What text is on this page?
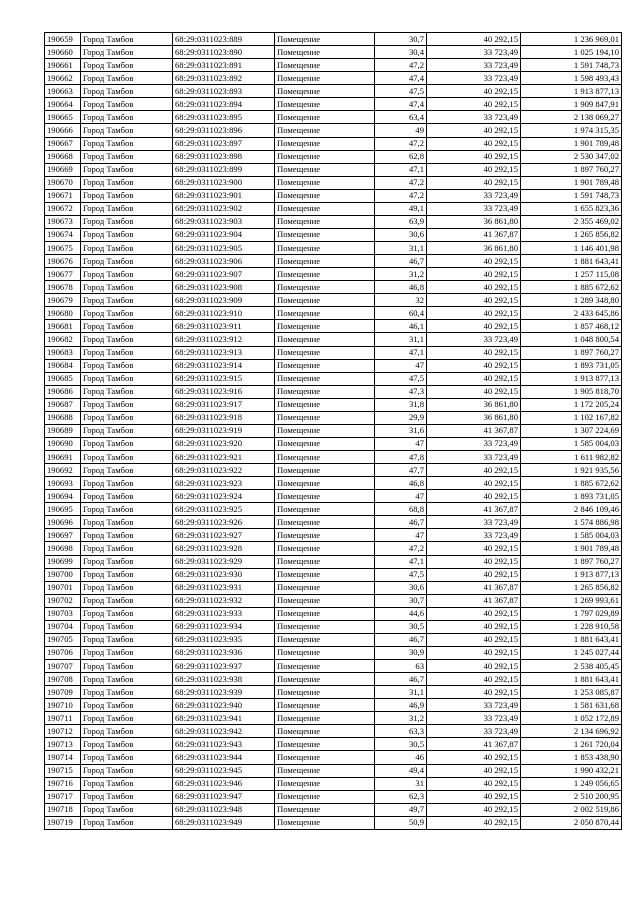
190659	Город Тамбов	68:29:0311023:889	Помещение	30,7	40 292,15	1 236 969,01
190660	Город Тамбов	68:29:0311023:890	Помещение	30,4	33 723,49	1 025 194,10
190661	Город Тамбов	68:29:0311023:891	Помещение	47,2	33 723,49	1 591 748,73
190662	Город Тамбов	68:29:0311023:892	Помещение	47,4	33 723,49	1 598 493,43
190663	Город Тамбов	68:29:0311023:893	Помещение	47,5	40 292,15	1 913 877,13
190664	Город Тамбов	68:29:0311023:894	Помещение	47,4	40 292,15	1 909 847,91
190665	Город Тамбов	68:29:0311023:895	Помещение	63,4	33 723,49	2 138 069,27
190666	Город Тамбов	68:29:0311023:896	Помещение	49	40 292,15	1 974 315,35
190667	Город Тамбов	68:29:0311023:897	Помещение	47,2	40 292,15	1 901 789,48
190668	Город Тамбов	68:29:0311023:898	Помещение	62,8	40 292,15	2 530 347,02
190669	Город Тамбов	68:29:0311023:899	Помещение	47,1	40 292,15	1 897 760,27
190670	Город Тамбов	68:29:0311023:900	Помещение	47,2	40 292,15	1 901 789,48
190671	Город Тамбов	68:29:0311023:901	Помещение	47,2	33 723,49	1 591 748,73
190672	Город Тамбов	68:29:0311023:902	Помещение	49,1	33 723,49	1 655 823,36
190673	Город Тамбов	68:29:0311023:903	Помещение	63,9	36 861,80	2 355 469,02
190674	Город Тамбов	68:29:0311023:904	Помещение	30,6	41 367,87	1 265 856,82
190675	Город Тамбов	68:29:0311023:905	Помещение	31,1	36 861,80	1 146 401,98
190676	Город Тамбов	68:29:0311023:906	Помещение	46,7	40 292,15	1 881 643,41
190677	Город Тамбов	68:29:0311023:907	Помещение	31,2	40 292,15	1 257 115,08
190678	Город Тамбов	68:29:0311023:908	Помещение	46,8	40 292,15	1 885 672,62
190679	Город Тамбов	68:29:0311023:909	Помещение	32	40 292,15	1 289 348,80
190680	Город Тамбов	68:29:0311023:910	Помещение	60,4	40 292,15	2 433 645,86
190681	Город Тамбов	68:29:0311023:911	Помещение	46,1	40 292,15	1 857 468,12
190682	Город Тамбов	68:29:0311023:912	Помещение	31,1	33 723,49	1 048 800,54
190683	Город Тамбов	68:29:0311023:913	Помещение	47,1	40 292,15	1 897 760,27
190684	Город Тамбов	68:29:0311023:914	Помещение	47	40 292,15	1 893 731,05
190685	Город Тамбов	68:29:0311023:915	Помещение	47,5	40 292,15	1 913 877,13
190686	Город Тамбов	68:29:0311023:916	Помещение	47,3	40 292,15	1 905 818,70
190687	Город Тамбов	68:29:0311023:917	Помещение	31,8	36 861,80	1 172 205,24
190688	Город Тамбов	68:29:0311023:918	Помещение	29,9	36 861,80	1 102 167,82
190689	Город Тамбов	68:29:0311023:919	Помещение	31,6	41 367,87	1 307 224,69
190690	Город Тамбов	68:29:0311023:920	Помещение	47	33 723,49	1 585 004,03
190691	Город Тамбов	68:29:0311023:921	Помещение	47,8	33 723,49	1 611 982,82
190692	Город Тамбов	68:29:0311023:922	Помещение	47,7	40 292,15	1 921 935,56
190693	Город Тамбов	68:29:0311023:923	Помещение	46,8	40 292,15	1 885 672,62
190694	Город Тамбов	68:29:0311023:924	Помещение	47	40 292,15	1 893 731,05
190695	Город Тамбов	68:29:0311023:925	Помещение	68,8	41 367,87	2 846 109,46
190696	Город Тамбов	68:29:0311023:926	Помещение	46,7	33 723,49	1 574 886,98
190697	Город Тамбов	68:29:0311023:927	Помещение	47	33 723,49	1 585 004,03
190698	Город Тамбов	68:29:0311023:928	Помещение	47,2	40 292,15	1 901 789,48
190699	Город Тамбов	68:29:0311023:929	Помещение	47,1	40 292,15	1 897 760,27
190700	Город Тамбов	68:29:0311023:930	Помещение	47,5	40 292,15	1 913 877,13
190701	Город Тамбов	68:29:0311023:931	Помещение	30,6	41 367,87	1 265 856,82
190702	Город Тамбов	68:29:0311023:932	Помещение	30,7	41 367,87	1 269 993,61
190703	Город Тамбов	68:29:0311023:933	Помещение	44,6	40 292,15	1 797 029,89
190704	Город Тамбов	68:29:0311023:934	Помещение	30,5	40 292,15	1 228 910,58
190705	Город Тамбов	68:29:0311023:935	Помещение	46,7	40 292,15	1 881 643,41
190706	Город Тамбов	68:29:0311023:936	Помещение	30,9	40 292,15	1 245 027,44
190707	Город Тамбов	68:29:0311023:937	Помещение	63	40 292,15	2 538 405,45
190708	Город Тамбов	68:29:0311023:938	Помещение	46,7	40 292,15	1 881 643,41
190709	Город Тамбов	68:29:0311023:939	Помещение	31,1	40 292,15	1 253 085,87
190710	Город Тамбов	68:29:0311023:940	Помещение	46,9	33 723,49	1 581 631,68
190711	Город Тамбов	68:29:0311023:941	Помещение	31,2	33 723,49	1 052 172,89
190712	Город Тамбов	68:29:0311023:942	Помещение	63,3	33 723,49	2 134 696,92
190713	Город Тамбов	68:29:0311023:943	Помещение	30,5	41 367,87	1 261 720,04
190714	Город Тамбов	68:29:0311023:944	Помещение	46	40 292,15	1 853 438,90
190715	Город Тамбов	68:29:0311023:945	Помещение	49,4	40 292,15	1 990 432,21
190716	Город Тамбов	68:29:0311023:946	Помещение	31	40 292,15	1 249 056,65
190717	Город Тамбов	68:29:0311023:947	Помещение	62,3	40 292,15	2 510 200,95
190718	Город Тамбов	68:29:0311023:948	Помещение	49,7	40 292,15	2 002 519,86
190719	Город Тамбов	68:29:0311023:949	Помещение	50,9	40 292,15	2 050 870,44
